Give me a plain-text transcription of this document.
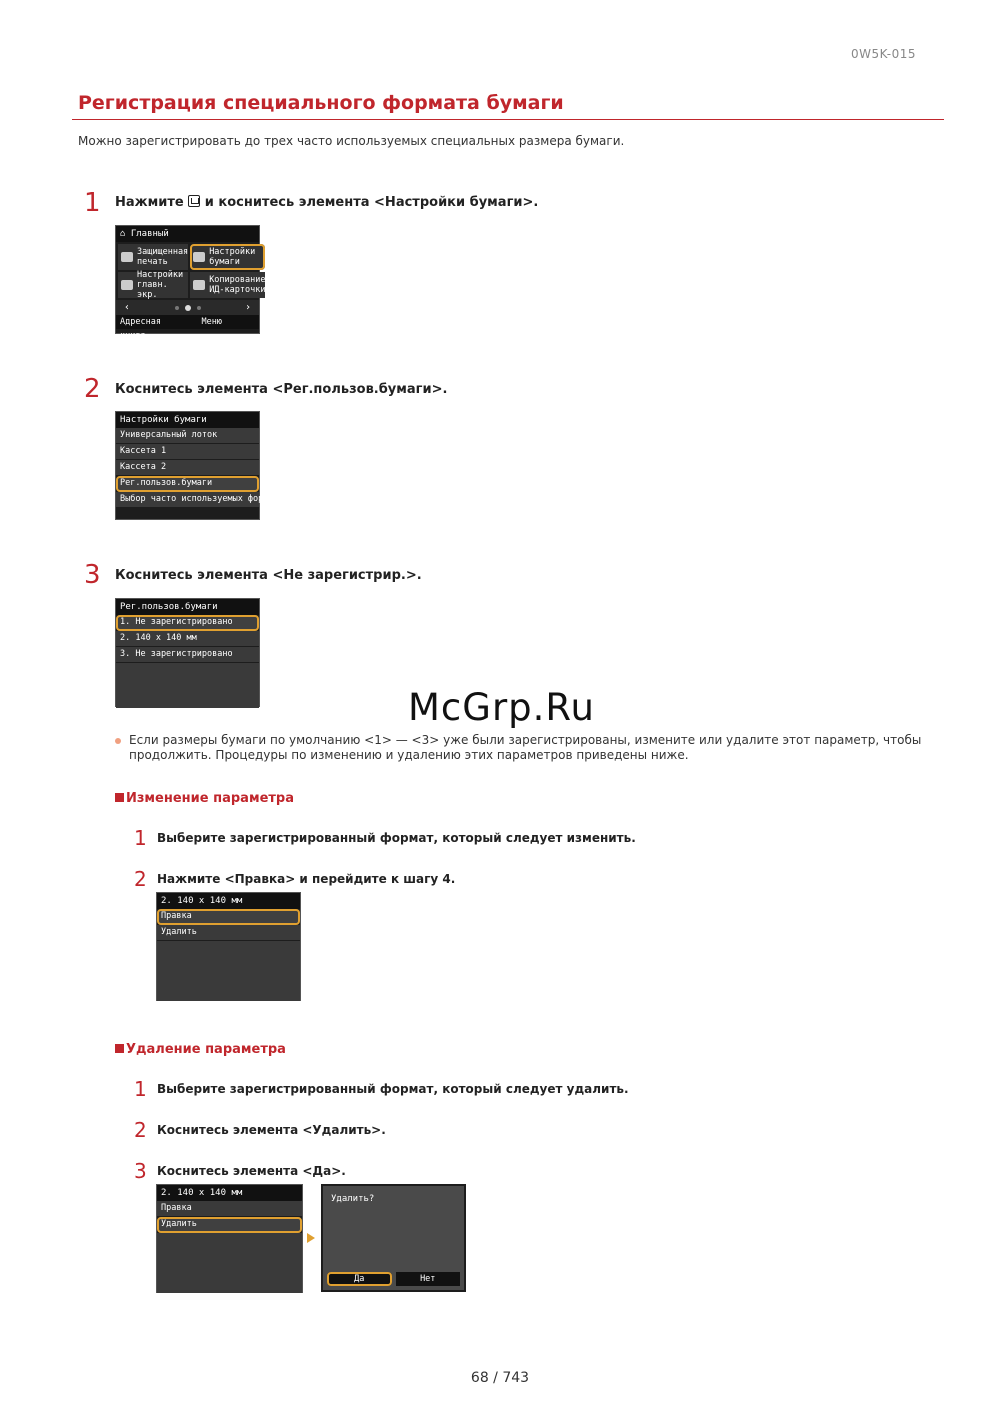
0W5K-015
Регистрация специального формата бумаги
Можно зарегистрировать до трех часто используемых специальных размера бумаги.
1 Нажмите и коснитесь элемента <Настройки бумаги>.
⌂ Главный
Защищенная печать
Настройки бумаги
Настройки главн. экр.
Копирование ИД-карточки
‹	›
Адресная книга
Меню
2 Коснитесь элемента <Рег.пользов.бумаги>.
Настройки бумаги
Универсальный лоток
Кассета 1
Кассета 2
Рег.пользов.бумаги
Выбор часто используемых форм
3 Коснитесь элемента <Не зарегистрир.>.
Рег.пользов.бумаги
1. Не зарегистрировано
2. 140 x 140 мм
3. Не зарегистрировано
McGrp.Ru
Если размеры бумаги по умолчанию <1> — <3> уже были зарегистрированы, измените или удалите этот параметр, чтобы продолжить. Процедуры по изменению и удалению этих параметров приведены ниже.
Изменение параметра
1 Выберите зарегистрированный формат, который следует изменить.
2 Нажмите <Правка> и перейдите к шагу 4.
2. 140 x 140 мм
Правка
Удалить
Удаление параметра
1 Выберите зарегистрированный формат, который следует удалить.
2 Коснитесь элемента <Удалить>.
3 Коснитесь элемента <Да>.
2. 140 x 140 мм
Правка
Удалить
Удалить?
Да	Нет
68 / 743
